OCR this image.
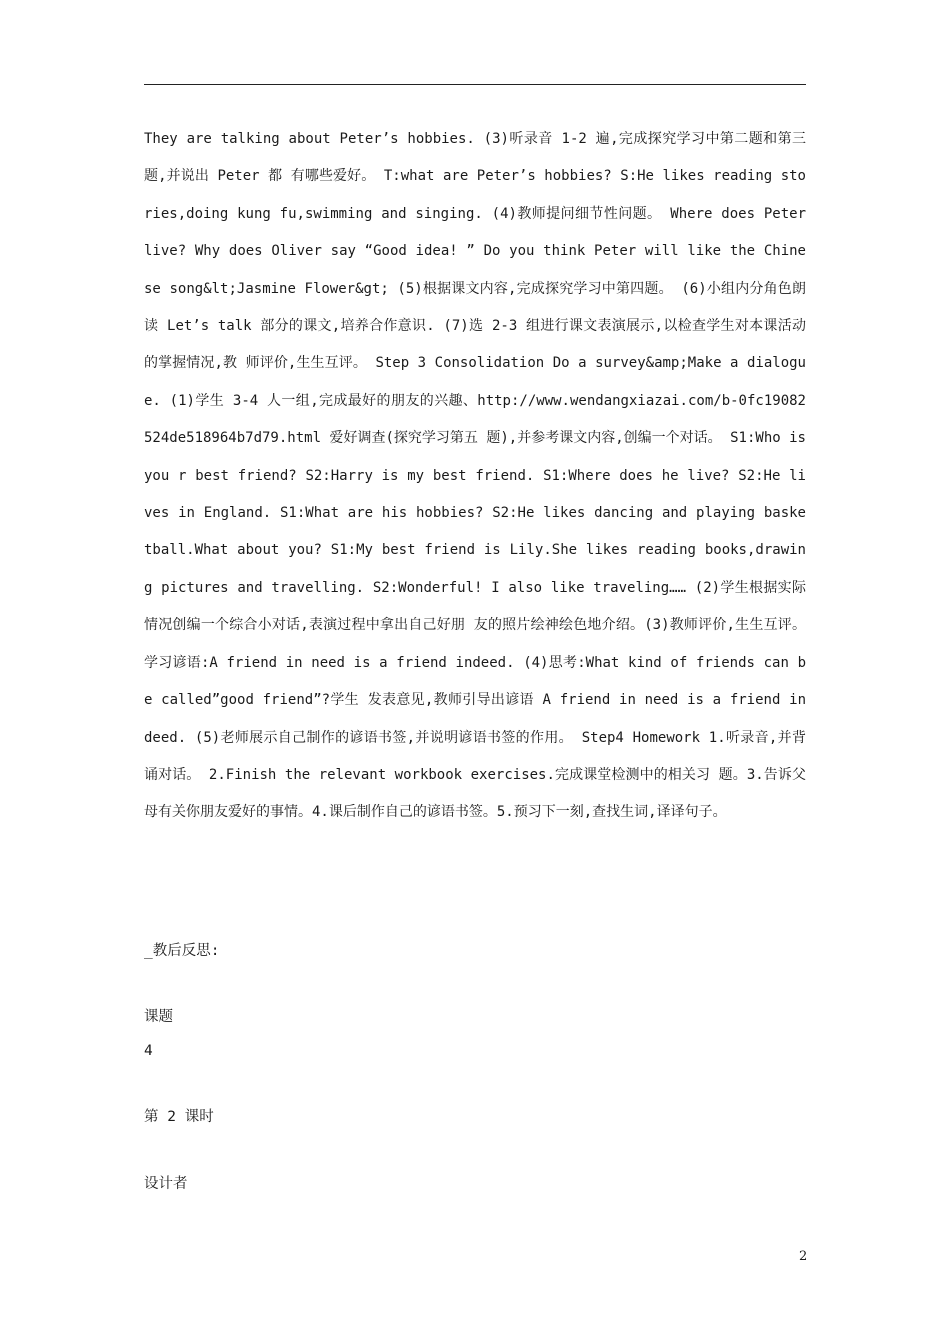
They are talking about Peter’s hobbies. (3)听录音 1-2 遍,完成探究学习中第二题和第三题,并说出 Peter 都 有哪些爱好。 T:what are Peter’s hobbies? S:He likes reading stories,doing kung fu,swimming and singing. (4)教师提问细节性问题。 Where does Peter live? Why does Oliver say “Good idea! ” Do you think Peter will like the Chinese song&lt;Jasmine Flower&gt; (5)根据课文内容,完成探究学习中第四题。 (6)小组内分角色朗读 Let’s talk 部分的课文,培养合作意识. (7)选 2-3 组进行课文表演展示,以检查学生对本课活动的掌握情况,教 师评价,生生互评。 Step 3 Consolidation Do a survey&amp;Make a dialogue. (1)学生 3-4 人一组,完成最好的朋友的兴趣、http://www.wendangxiazai.com/b-0fc19082524de518964b7d79.html 爱好调查(探究学习第五 题),并参考课文内容,创编一个对话。 S1:Who is you r best friend? S2:Harry is my best friend. S1:Where does he live? S2:He lives in England. S1:What are his hobbies? S2:He likes dancing and playing basketball.What about you? S1:My best friend is Lily.She likes reading books,drawing pictures and travelling. S2:Wonderful! I also like traveling…… (2)学生根据实际情况创编一个综合小对话,表演过程中拿出自己好朋 友的照片绘神绘色地介绍。(3)教师评价,生生互评。学习谚语:A friend in need is a friend indeed. (4)思考:What kind of friends can be called”good friend”?学生 发表意见,教师引导出谚语 A friend in need is a friend indeed. (5)老师展示自己制作的谚语书签,并说明谚语书签的作用。 Step4 Homework 1.听录音,并背诵对话。 2.Finish the relevant workbook exercises.完成课堂检测中的相关习 题。3.告诉父母有关你朋友爱好的事情。4.课后制作自己的谚语书签。5.预习下一刻,查找生词,译译句子。

_教后反思:

课题

4

第 2 课时

设计者

2
